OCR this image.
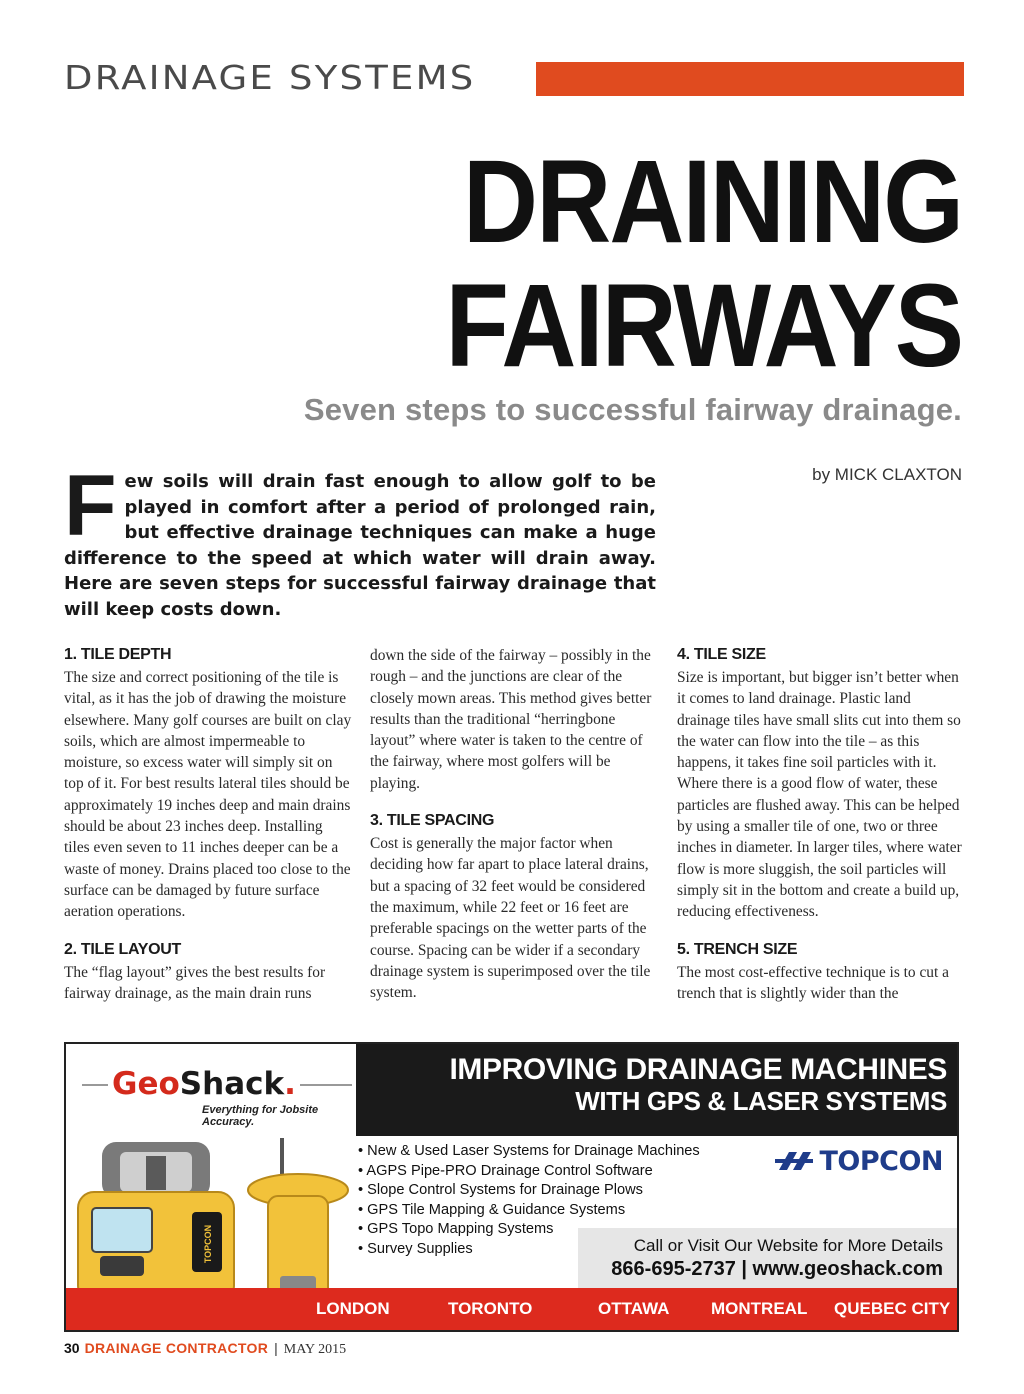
DRAINAGE SYSTEMS
DRAINING
FAIRWAYS
Seven steps to successful fairway drainage.
by MICK CLAXTON
Few soils will drain fast enough to allow golf to be played in comfort after a period of prolonged rain, but effective drainage techniques can make a huge difference to the speed at which water will drain away. Here are seven steps for successful fairway drainage that will keep costs down.
1. TILE DEPTH

The size and correct positioning of the tile is vital, as it has the job of drawing the moisture elsewhere. Many golf courses are built on clay soils, which are almost impermeable to moisture, so excess water will simply sit on top of it. For best results lateral tiles should be approximately 19 inches deep and main drains should be about 23 inches deep. Installing tiles even seven to 11 inches deeper can be a waste of money. Drains placed too close to the surface can be damaged by future surface aeration operations.

2. TILE LAYOUT

The “flag layout” gives the best results for fairway drainage, as the main drain runs

down the side of the fairway – possibly in the rough – and the junctions are clear of the closely mown areas. This method gives better results than the traditional “herringbone layout” where water is taken to the centre of the fairway, where most golfers will be playing.

3. TILE SPACING

Cost is generally the major factor when deciding how far apart to place lateral drains, but a spacing of 32 feet would be considered the maximum, while 22 feet or 16 feet are preferable spacings on the wetter parts of the course. Spacing can be wider if a secondary drainage system is superimposed over the tile system.

4. TILE SIZE

Size is important, but bigger isn’t better when it comes to land drainage. Plastic land drainage tiles have small slits cut into them so the water can flow into the tile – as this happens, it takes fine soil particles with it. Where there is a good flow of water, these particles are flushed away. This can be helped by using a smaller tile of one, two or three inches in diameter. In larger tiles, where water flow is more sluggish, the soil particles will simply sit in the bottom and create a build up, reducing effectiveness.

5. TRENCH SIZE

The most cost-effective technique is to cut a trench that is slightly wider than the

GeoShack.
Everything for Jobsite Accuracy.
IMPROVING DRAINAGE MACHINES
WITH GPS & LASER SYSTEMS
TOPCON
• New & Used Laser Systems for Drainage Machines
• AGPS Pipe-PRO Drainage Control Software
• Slope Control Systems for Drainage Plows
• GPS Tile Mapping & Guidance Systems
• GPS Topo Mapping Systems
• Survey Supplies
TOPCON
Call or Visit Our Website for More Details
866-695-2737 | www.geoshack.com
LONDON	TORONTO	OTTAWA MONTREAL QUEBEC CITY
30 DRAINAGE CONTRACTOR | MAY 2015
